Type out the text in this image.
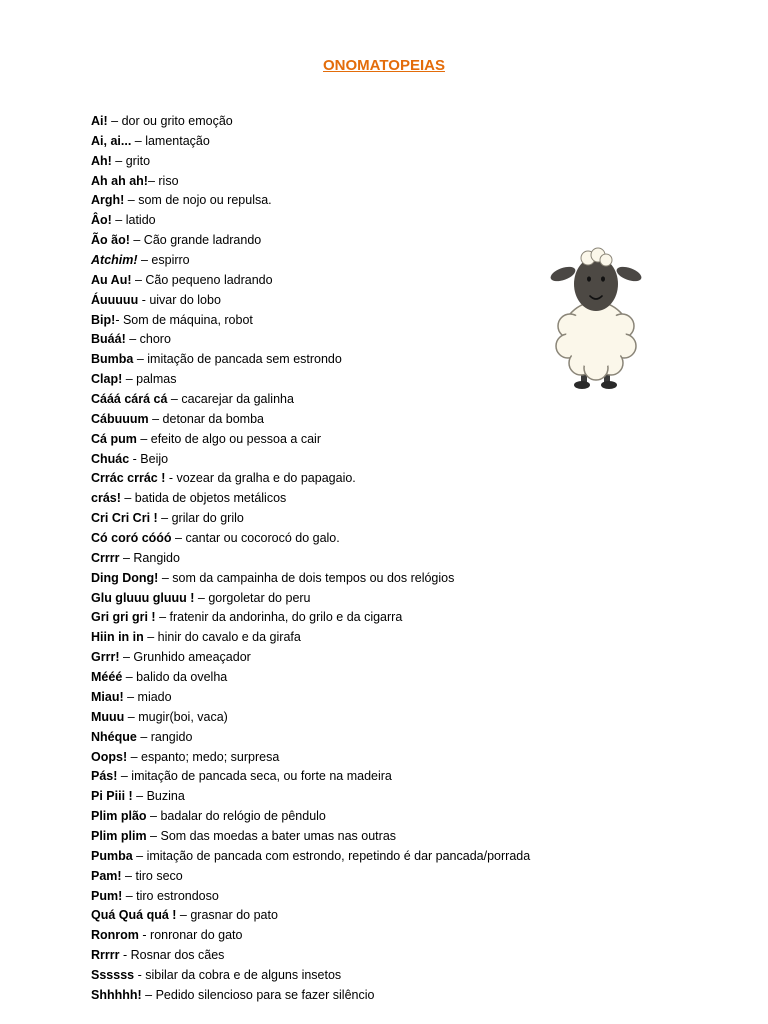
ONOMATOPEIAS
Ai! – dor ou grito emoção
Ai, ai... – lamentação
Ah! – grito
Ah ah ah!– riso
Argh! – som de nojo ou repulsa.
Âo! – latido
Ão ão! – Cão grande ladrando
Atchim! – espirro
Au Au! – Cão pequeno ladrando
Áuuuuu - uivar do lobo
Bip!- Som de máquina, robot
Buáá! – choro
Bumba – imitação de pancada sem estrondo
Clap! – palmas
Cááá cárá cá – cacarejar da galinha
Cábuuum – detonar da bomba
Cá pum – efeito de algo ou pessoa a cair
Chuác - Beijo
Crrác crrác ! - vozear da gralha e do papagaio.
crás! – batida de objetos metálicos
Cri Cri Cri ! – grilar do grilo
Có coró cóóó – cantar ou cocorocó do galo.
Crrrr – Rangido
Ding Dong! – som da campainha de dois tempos ou dos relógios
Glu gluuu gluuu ! – gorgoletar do peru
Gri gri gri ! – fratenir da andorinha, do grilo e da cigarra
Hiin in in – hinir do cavalo e da girafa
Grrr! – Grunhido ameaçador
Mééé – balido da ovelha
Miau! – miado
Muuu – mugir(boi, vaca)
Nhéque – rangido
Oops! – espanto; medo; surpresa
Pás! – imitação de pancada seca, ou forte na madeira
Pi Piii ! – Buzina
Plim plão – badalar do relógio de pêndulo
Plim plim – Som das moedas a bater umas nas outras
Pumba – imitação de pancada com estrondo, repetindo é dar pancada/porrada
Pam! – tiro seco
Pum! – tiro estrondoso
Quá Quá quá ! – grasnar do pato
Ronrom - ronronar do gato
Rrrrr - Rosnar dos cães
Ssssss - sibilar da cobra e de alguns insetos
Shhhhh! – Pedido silencioso para se fazer silêncio
